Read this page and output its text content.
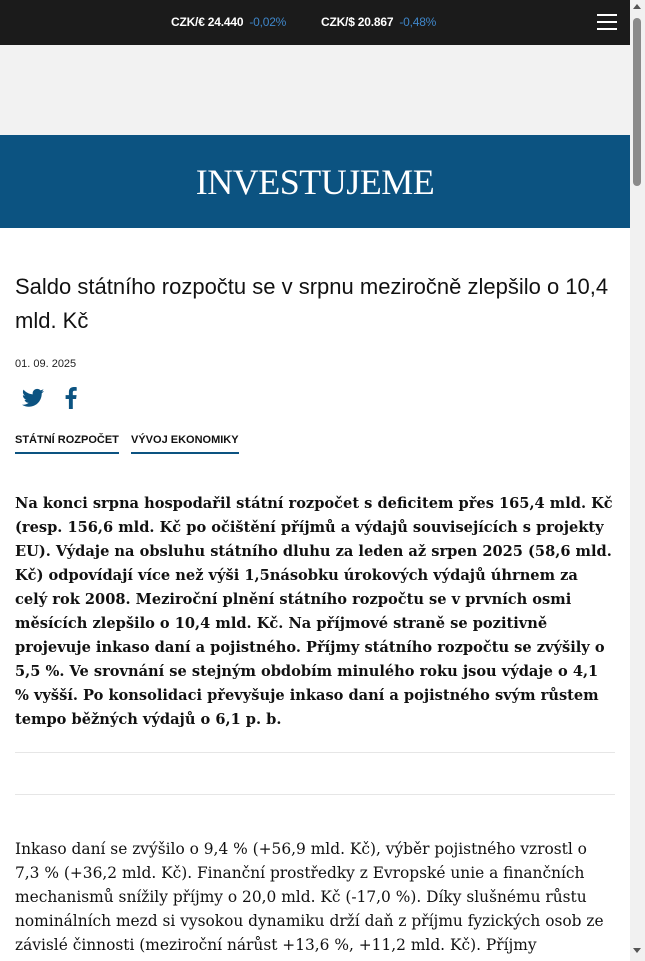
CZK/€ 24.440 -0,02%	CZK/$ 20.867 -0,48%
INVESTUJEME
Saldo státního rozpočtu se v srpnu meziročně zlepšilo o 10,4 mld. Kč
01. 09. 2025
STÁTNÍ ROZPOČET VÝVOJ EKONOMIKY

Na konci srpna hospodařil státní rozpočet s deficitem přes 165,4 mld. Kč (resp. 156,6 mld. Kč po očištění příjmů a výdajů souvisejících s projekty EU). Výdaje na obsluhu státního dluhu za leden až srpen 2025 (58,6 mld. Kč) odpovídají více než výši 1,5násobku úrokových výdajů úhrnem za celý rok 2008. Meziroční plnění státního rozpočtu se v prvních osmi měsících zlepšilo o 10,4 mld. Kč. Na příjmové straně se pozitivně projevuje inkaso daní a pojistného. Příjmy státního rozpočtu se zvýšily o 5,5 %. Ve srovnání se stejným obdobím minulého roku jsou výdaje o 4,1 % vyšší. Po konsolidaci převyšuje inkaso daní a pojistného svým růstem tempo běžných výdajů o 6,1 p. b.

Inkaso daní se zvýšilo o 9,4 % (+56,9 mld. Kč), výběr pojistného vzrostl o 7,3 % (+36,2 mld. Kč). Finanční prostředky z Evropské unie a finančních mechanismů snížily příjmy o 20,0 mld. Kč (-17,0 %). Díky slušnému růstu nominálních mezd si vysokou dynamiku drží daň z příjmu fyzických osob ze závislé činnosti (meziroční nárůst +13,6 %, +11,2 mld. Kč). Příjmy
